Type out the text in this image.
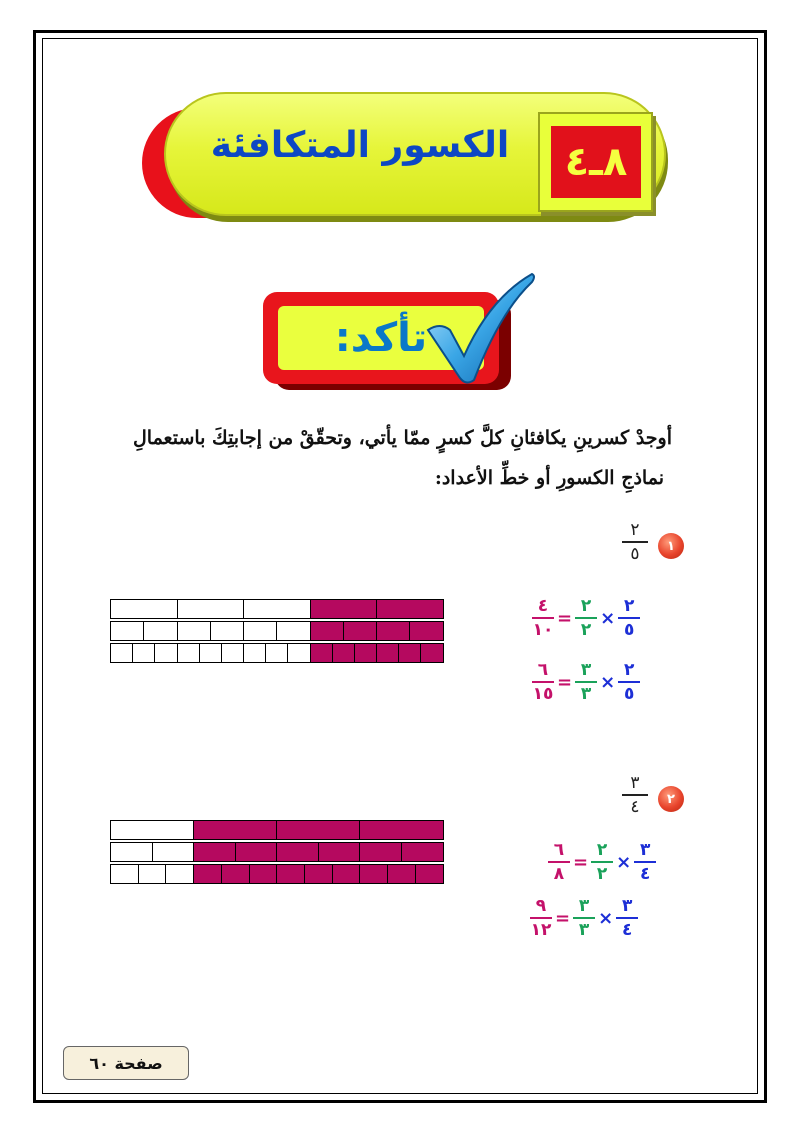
الكسور المتكافئة ٨ـ٤
تأكد:
أوجدْ كسرينِ يكافئانِ كلَّ كسرٍ ممّا يأتي، وتحقّقْ من إجابتِكَ باستعمالِ
نماذجِ الكسورِ أو خطِّ الأعداد:
١
٢
٥
٤
١٠
=
٢
٢
×
٢
٥
٦
١٥
=
٣
٣
×
٢
٥
٢
٣
٤
٦
٨
=
٢
٢
×
٣
٤
٩
١٢
=
٣
٣
×
٣
٤
صفحة ٦٠
